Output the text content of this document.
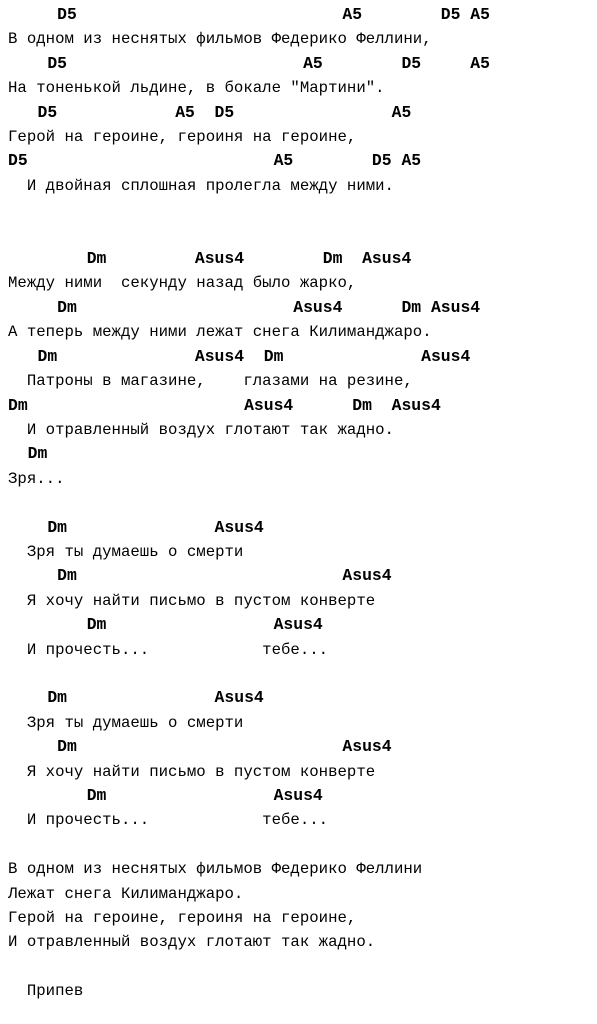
D5                           A5        D5 A5
В одном из неснятых фильмов Федерико Феллини,
D5                        A5        D5     A5
На тоненькой льдине, в бокале "Мартини".
D5            A5  D5                A5
Герой на героине, героиня на героине,
D5                         A5        D5 A5
И двойная сплошная пролегла между ними.
Dm         Asus4        Dm  Asus4
Между ними  секунду назад было жарко,
Dm                      Asus4      Dm Asus4
А теперь между ними лежат снега Килиманджаро.
Dm              Asus4  Dm              Asus4
Патроны в магазине,    глазами на резине,
Dm                      Asus4      Dm  Asus4
И отравленный воздух глотают так жадно.
Dm
Зря...
Dm               Asus4
Зря ты думаешь о смерти
Dm                           Asus4
Я хочу найти письмо в пустом конверте
Dm                 Asus4
И прочесть...            тебе...
Dm               Asus4
Зря ты думаешь о смерти
Dm                           Asus4
Я хочу найти письмо в пустом конверте
Dm                 Asus4
И прочесть...            тебе...
В одном из неснятых фильмов Федерико Феллини
Лежат снега Килиманджаро.
Герой на героине, героиня на героине,
И отравленный воздух глотают так жадно.
Припев
